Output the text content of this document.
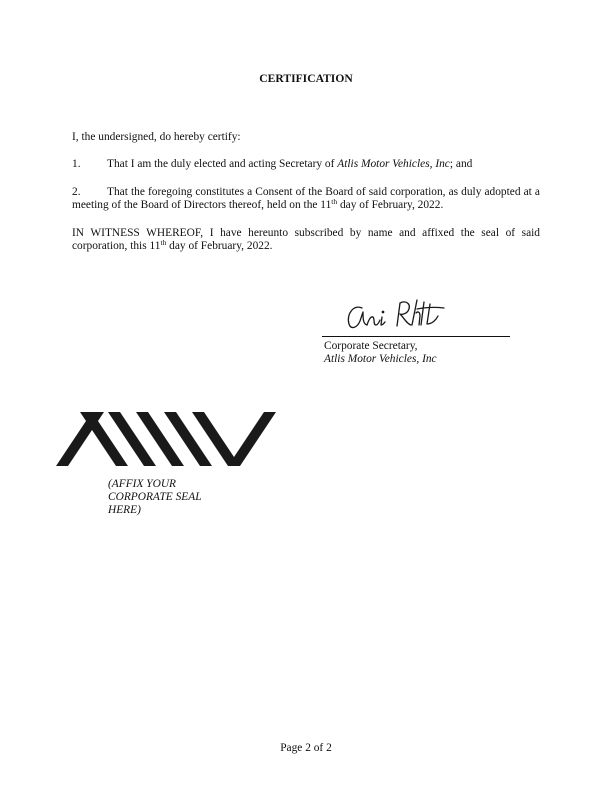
CERTIFICATION

I, the undersigned, do hereby certify:

1. That I am the duly elected and acting Secretary of Atlis Motor Vehicles, Inc; and

2. That the foregoing constitutes a Consent of the Board of said corporation, as duly adopted at a meeting of the Board of Directors thereof, held on the 11th day of February, 2022.

IN WITNESS WHEREOF, I have hereunto subscribed by name and affixed the seal of said corporation, this 11th day of February, 2022.

Corporate Secretary,
Atlis Motor Vehicles, Inc
(AFFIX YOUR
CORPORATE SEAL
HERE)
Page 2 of 2
